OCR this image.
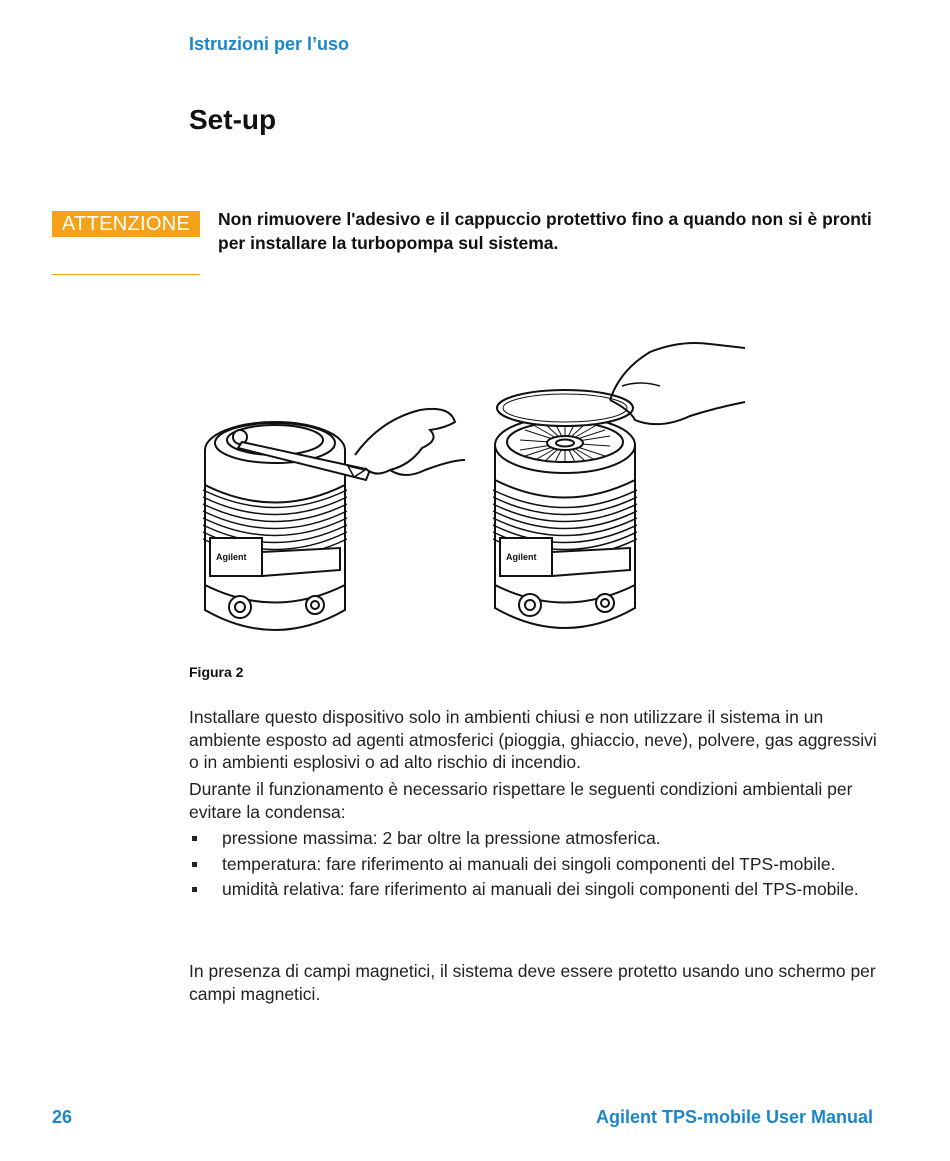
Istruzioni per l’uso
Set-up
ATTENZIONE	Non rimuovere l'adesivo e il cappuccio protettivo fino a quando non si è pronti per installare la turbopompa sul sistema.
Agilent	Agilent
Figura 2
Installare questo dispositivo solo in ambienti chiusi e non utilizzare il sistema in un ambiente esposto ad agenti atmosferici (pioggia, ghiaccio, neve), polvere, gas aggressivi o in ambienti esplosivi o ad alto rischio di incendio.
Durante il funzionamento è necessario rispettare le seguenti condizioni ambientali per evitare la condensa:
pressione massima: 2 bar oltre la pressione atmosferica.
temperatura: fare riferimento ai manuali dei singoli componenti del TPS-mobile.
umidità relativa: fare riferimento ai manuali dei singoli componenti del TPS-mobile.
In presenza di campi magnetici, il sistema deve essere protetto usando uno schermo per campi magnetici.
26	Agilent TPS-mobile User Manual
